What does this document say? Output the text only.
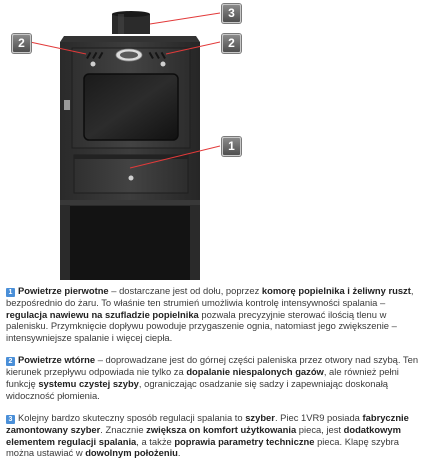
3
2	2
1

1 Powietrze pierwotne – dostarczane jest od dołu, poprzez komorę popielnika i żeliwny ruszt, bezpośrednio do żaru. To właśnie ten strumień umożliwia kontrolę intensywności spalania – regulacja nawiewu na szufladzie popielnika pozwala precyzyjnie sterować ilością tlenu w palenisku. Przymknięcie dopływu powoduje przygaszenie ognia, natomiast jego zwiększenie – intensywniejsze spalanie i więcej ciepła.

2 Powietrze wtórne – doprowadzane jest do górnej części paleniska przez otwory nad szybą. Ten kierunek przepływu odpowiada nie tylko za dopalanie niespalonych gazów, ale również pełni funkcję systemu czystej szyby, ograniczając osadzanie się sadzy i zapewniając doskonałą widoczność płomienia.

3 Kolejny bardzo skuteczny sposób regulacji spalania to szyber. Piec 1VR9 posiada fabrycznie zamontowany szyber. Znacznie zwiększa on komfort użytkowania pieca, jest dodatkowym elementem regulacji spalania, a także poprawia parametry techniczne pieca. Klapę szybra można ustawiać w dowolnym położeniu.
